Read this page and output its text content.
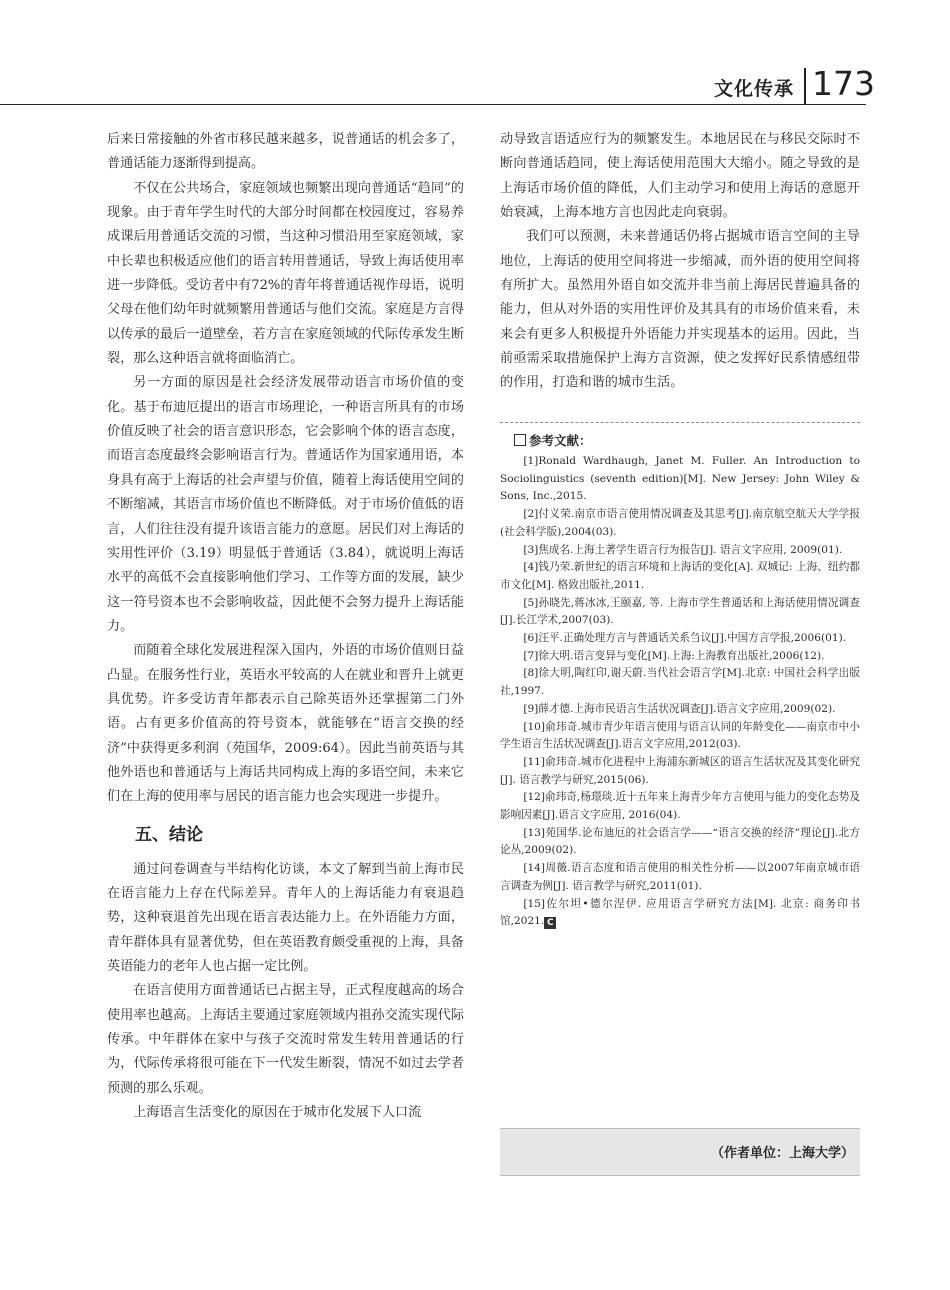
文化传承 173

后来日常接触的外省市移民越来越多，说普通话的机会多了，普通话能力逐渐得到提高。

不仅在公共场合，家庭领域也频繁出现向普通话“趋同”的现象。由于青年学生时代的大部分时间都在校园度过，容易养成课后用普通话交流的习惯，当这种习惯沿用至家庭领域，家中长辈也积极适应他们的语言转用普通话，导致上海话使用率进一步降低。受访者中有72%的青年将普通话视作母语，说明父母在他们幼年时就频繁用普通话与他们交流。家庭是方言得以传承的最后一道壁垒，若方言在家庭领域的代际传承发生断裂，那么这种语言就将面临消亡。

另一方面的原因是社会经济发展带动语言市场价值的变化。基于布迪厄提出的语言市场理论，一种语言所具有的市场价值反映了社会的语言意识形态，它会影响个体的语言态度，而语言态度最终会影响语言行为。普通话作为国家通用语，本身具有高于上海话的社会声望与价值，随着上海话使用空间的不断缩减，其语言市场价值也不断降低。对于市场价值低的语言，人们往往没有提升该语言能力的意愿。居民们对上海话的实用性评价（3.19）明显低于普通话（3.84），就说明上海话水平的高低不会直接影响他们学习、工作等方面的发展，缺少这一符号资本也不会影响收益，因此便不会努力提升上海话能力。

而随着全球化发展进程深入国内，外语的市场价值则日益凸显。在服务性行业，英语水平较高的人在就业和晋升上就更具优势。许多受访青年都表示自己除英语外还掌握第二门外语。占有更多价值高的符号资本，就能够在“语言交换的经济”中获得更多利润（苑国华，2009:64）。因此当前英语与其他外语也和普通话与上海话共同构成上海的多语空间，未来它们在上海的使用率与居民的语言能力也会实现进一步提升。

五、结论

通过问卷调查与半结构化访谈，本文了解到当前上海市民在语言能力上存在代际差异。青年人的上海话能力有衰退趋势，这种衰退首先出现在语言表达能力上。在外语能力方面，青年群体具有显著优势，但在英语教育颇受重视的上海，具备英语能力的老年人也占据一定比例。

在语言使用方面普通话已占据主导，正式程度越高的场合使用率也越高。上海话主要通过家庭领域内祖孙交流实现代际传承。中年群体在家中与孩子交流时常发生转用普通话的行为，代际传承将很可能在下一代发生断裂，情况不如过去学者预测的那么乐观。

上海语言生活变化的原因在于城市化发展下人口流

动导致言语适应行为的频繁发生。本地居民在与移民交际时不断向普通话趋同，使上海话使用范围大大缩小。随之导致的是上海话市场价值的降低，人们主动学习和使用上海话的意愿开始衰减，上海本地方言也因此走向衰弱。

我们可以预测，未来普通话仍将占据城市语言空间的主导地位，上海话的使用空间将进一步缩减，而外语的使用空间将有所扩大。虽然用外语自如交流并非当前上海居民普遍具备的能力，但从对外语的实用性评价及其具有的市场价值来看，未来会有更多人积极提升外语能力并实现基本的运用。因此，当前亟需采取措施保护上海方言资源，使之发挥好民系情感纽带的作用，打造和谐的城市生活。

参考文献：

[1]Ronald Wardhaugh, Janet M. Fuller. An Introduction to Sociolinguistics (seventh edition)[M]. New Jersey: John Wiley & Sons, Inc.,2015.

[2]付义荣.南京市语言使用情况调查及其思考[J].南京航空航天大学学报(社会科学版),2004(03).

[3]焦成名.上海土著学生语言行为报告[J]. 语言文字应用, 2009(01).

[4]钱乃荣.新世纪的语言环境和上海话的变化[A]. 双城记: 上海、纽约都市文化[M]. 格致出版社,2011.

[5]孙晓先,蒋冰冰,王颐嘉, 等. 上海市学生普通话和上海话使用情况调查[J].长江学术,2007(03).

[6]汪平.正确处理方言与普通话关系刍议[J].中国方言学报,2006(01).

[7]徐大明.语言变异与变化[M].上海:上海教育出版社,2006(12).

[8]徐大明,陶红印,谢天蔚.当代社会语言学[M].北京: 中国社会科学出版社,1997.

[9]薛才德.上海市民语言生活状况调查[J].语言文字应用,2009(02).

[10]俞玮奇.城市青少年语言使用与语言认同的年龄变化——南京市中小学生语言生活状况调查[J].语言文字应用,2012(03).

[11]俞玮奇.城市化进程中上海浦东新城区的语言生活状况及其变化研究[J]. 语言教学与研究,2015(06).

[12]俞玮奇,杨璟琰.近十五年来上海青少年方言使用与能力的变化态势及影响因素[J].语言文字应用, 2016(04).

[13]苑国华.论布迪厄的社会语言学——“语言交换的经济”理论[J].北方论丛,2009(02).

[14]周薇.语言态度和语言使用的相关性分析——以2007年南京城市语言调查为例[J]. 语言教学与研究,2011(01).

[15]佐尔坦•德尔涅伊. 应用语言学研究方法[M]. 北京: 商务印书馆,2021. C

（作者单位：上海大学）
